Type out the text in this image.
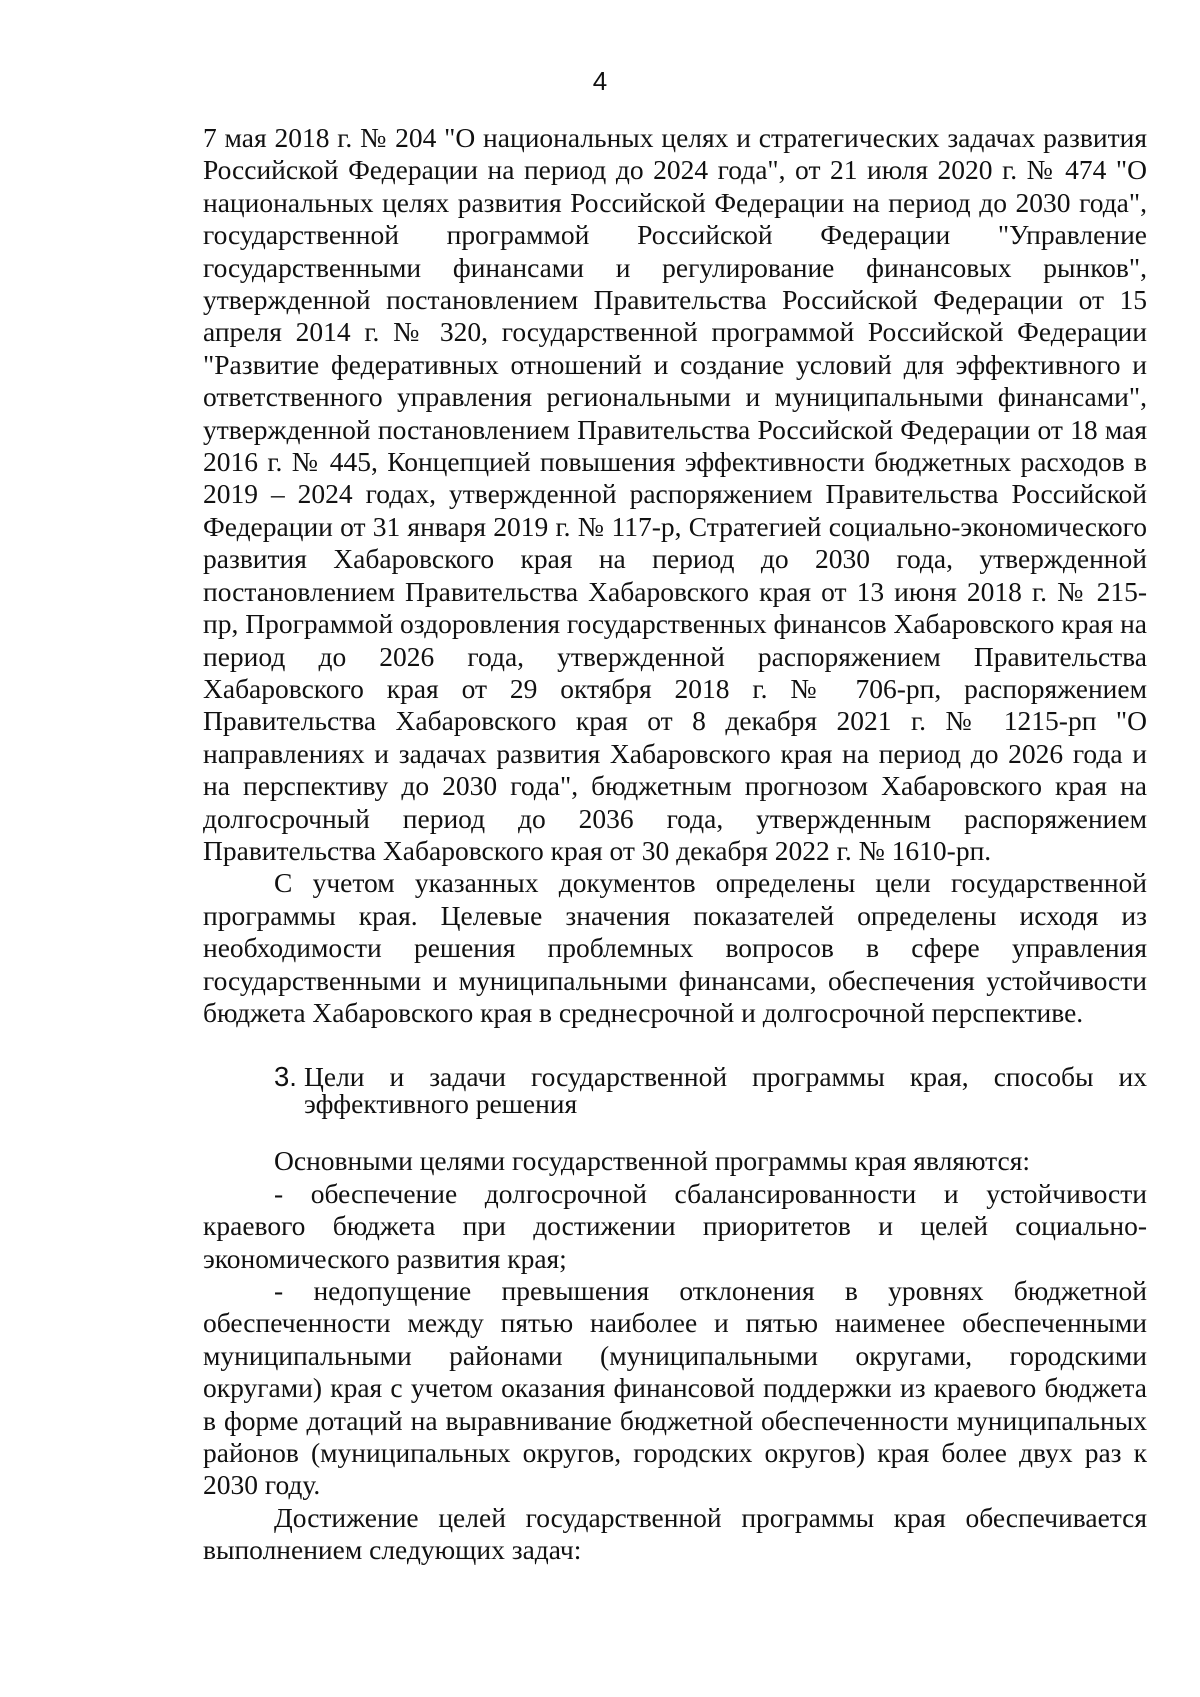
4

7 мая 2018 г. № 204 "О национальных целях и стратегических задачах развития Российской Федерации на период до 2024 года", от 21 июля 2020 г. № 474 "О национальных целях развития Российской Федерации на период до 2030 года", государственной программой Российской Федерации "Управление государственными финансами и регулирование финансовых рынков", утвержденной постановлением Правительства Российской Федерации от 15 апреля 2014 г. № 320, государственной программой Российской Федерации "Развитие федеративных отношений и создание условий для эффективного и ответственного управления региональными и муниципальными финансами", утвержденной постановлением Правительства Российской Федерации от 18 мая 2016 г. № 445, Концепцией повышения эффективности бюджетных расходов в 2019 – 2024 годах, утвержденной распоряжением Правительства Российской Федерации от 31 января 2019 г. № 117-р, Стратегией социально-экономического развития Хабаровского края на период до 2030 года, утвержденной постановлением Правительства Хабаровского края от 13 июня 2018 г. № 215-пр, Программой оздоровления государственных финансов Хабаровского края на период до 2026 года, утвержденной распоряжением Правительства Хабаровского края от 29 октября 2018 г. № 706-рп, распоряжением Правительства Хабаровского края от 8 декабря 2021 г. № 1215-рп "О направлениях и задачах развития Хабаровского края на период до 2026 года и на перспективу до 2030 года", бюджетным прогнозом Хабаровского края на долгосрочный период до 2036 года, утвержденным распоряжением Правительства Хабаровского края от 30 декабря 2022 г. № 1610-рп.

С учетом указанных документов определены цели государственной программы края. Целевые значения показателей определены исходя из необходимости решения проблемных вопросов в сфере управления государственными и муниципальными финансами, обеспечения устойчивости бюджета Хабаровского края в среднесрочной и долгосрочной перспективе.

3. Цели и задачи государственной программы края, способы их эффективного решения

Основными целями государственной программы края являются:

- обеспечение долгосрочной сбалансированности и устойчивости краевого бюджета при достижении приоритетов и целей социально-экономического развития края;

- недопущение превышения отклонения в уровнях бюджетной обеспеченности между пятью наиболее и пятью наименее обеспеченными муниципальными районами (муниципальными округами, городскими округами) края с учетом оказания финансовой поддержки из краевого бюджета в форме дотаций на выравнивание бюджетной обеспеченности муниципальных районов (муниципальных округов, городских округов) края более двух раз к 2030 году.

Достижение целей государственной программы края обеспечивается выполнением следующих задач:
